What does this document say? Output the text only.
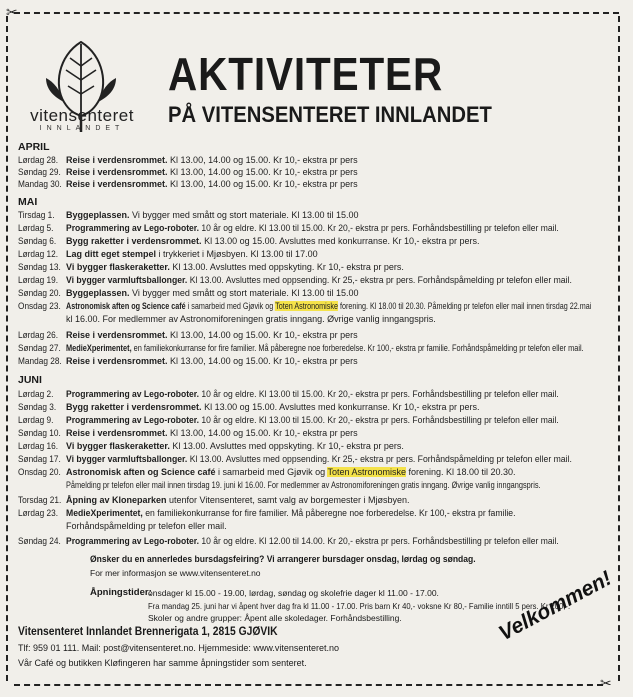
✂
✂
vitensenteret
INNLANDET
AKTIVITETER
PÅ VITENSENTERET INNLANDET
APRIL
Lørdag 28. Reise i verdensrommet. Kl 13.00, 14.00 og 15.00. Kr 10,- ekstra pr pers
Søndag 29. Reise i verdensrommet. Kl 13.00, 14.00 og 15.00. Kr 10,- ekstra pr pers
Mandag 30. Reise i verdensrommet. Kl 13.00, 14.00 og 15.00. Kr 10,- ekstra pr pers
MAI
Tirsdag 1. Byggeplassen. Vi bygger med smått og stort materiale. Kl 13.00 til 15.00
Lørdag 5. Programmering av Lego-roboter. 10 år og eldre. Kl 13.00 til 15.00. Kr 20,- ekstra pr pers. Forhåndsbestilling pr telefon eller mail.
Søndag 6. Bygg raketter i verdensrommet. Kl 13.00 og 15.00. Avsluttes med konkurranse. Kr 10,- ekstra pr pers.
Lørdag 12. Lag ditt eget stempel i trykkeriet i Mjøsbyen. Kl 13.00 til 17.00
Søndag 13. Vi bygger flaskeraketter. Kl 13.00. Avsluttes med oppskyting. Kr 10,- ekstra pr pers.
Lørdag 19. Vi bygger varmluftsballonger. Kl 13.00. Avsluttes med oppsending. Kr 25,- ekstra pr pers. Forhåndspåmelding pr telefon eller mail.
Søndag 20. Byggeplassen. Vi bygger med smått og stort materiale. Kl 13.00 til 15.00
Onsdag 23. Astronomisk aften og Science café i samarbeid med Gjøvik og Toten Astronomiske forening. Kl 18.00 til 20.30. Påmelding pr telefon eller mail innen tirsdag 22.mai
kl 16.00. For medlemmer av Astronomiforeningen gratis inngang. Øvrige vanlig inngangspris.
Lørdag 26. Reise i verdensrommet. Kl 13.00, 14.00 og 15.00. Kr 10,- ekstra pr pers
Søndag 27. MedieXperimentet, en familiekonkurranse for fire familier. Må påberegne noe forberedelse. Kr 100,- ekstra pr familie. Forhåndspåmelding pr telefon eller mail.
Mandag 28. Reise i verdensrommet. Kl 13.00, 14.00 og 15.00. Kr 10,- ekstra pr pers
JUNI
Lørdag 2. Programmering av Lego-roboter. 10 år og eldre. Kl 13.00 til 15.00. Kr 20,- ekstra pr pers. Forhåndsbestilling pr telefon eller mail.
Søndag 3. Bygg raketter i verdensrommet. Kl 13.00 og 15.00. Avsluttes med konkurranse. Kr 10,- ekstra pr pers.
Lørdag 9. Programmering av Lego-roboter. 10 år og eldre. Kl 13.00 til 15.00. Kr 20,- ekstra pr pers. Forhåndsbestilling pr telefon eller mail.
Søndag 10. Reise i verdensrommet. Kl 13.00, 14.00 og 15.00. Kr 10,- ekstra pr pers
Lørdag 16. Vi bygger flaskeraketter. Kl 13.00. Avsluttes med oppskyting. Kr 10,- ekstra pr pers.
Søndag 17. Vi bygger varmluftsballonger. Kl 13.00. Avsluttes med oppsending. Kr 25,- ekstra pr pers. Forhåndspåmelding pr telefon eller mail.
Onsdag 20. Astronomisk aften og Science café i samarbeid med Gjøvik og Toten Astronomiske forening. Kl 18.00 til 20.30.
Påmelding pr telefon eller mail innen tirsdag 19. juni kl 16.00. For medlemmer av Astronomiforeningen gratis inngang. Øvrige vanlig inngangspris.
Torsdag 21. Åpning av Kloneparken utenfor Vitensenteret, samt valg av borgemester i Mjøsbyen.
Lørdag 23. MedieXperimentet, en familiekonkurranse for fire familier. Må påberegne noe forberedelse. Kr 100,- ekstra pr familie.
Forhåndspåmelding pr telefon eller mail.
Søndag 24. Programmering av Lego-roboter. 10 år og eldre. Kl 12.00 til 14.00. Kr 20,- ekstra pr pers. Forhåndsbestilling pr telefon eller mail.
Ønsker du en annerledes bursdagsfeiring? Vi arrangerer bursdager onsdag, lørdag og søndag.
For mer informasjon se www.vitensenteret.no
Åpningstider:
onsdager kl 15.00 - 19.00, lørdag, søndag og skolefrie dager kl 11.00 - 17.00.
Fra mandag 25. juni har vi åpent hver dag fra kl 11.00 - 17.00. Pris barn Kr 40,- voksne Kr 80,- Familie inntill 5 pers. Kr 200,-.
Skoler og andre grupper: Åpent alle skoledager. Forhåndsbestilling.
Vitensenteret Innlandet Brennerigata 1, 2815 GJØVIK
Tlf: 959 01 111. Mail: post@vitensenteret.no. Hjemmeside: www.vitensenteret.no
Vår Café og butikken Kløfingeren har samme åpningstider som senteret.
Velkommen!
